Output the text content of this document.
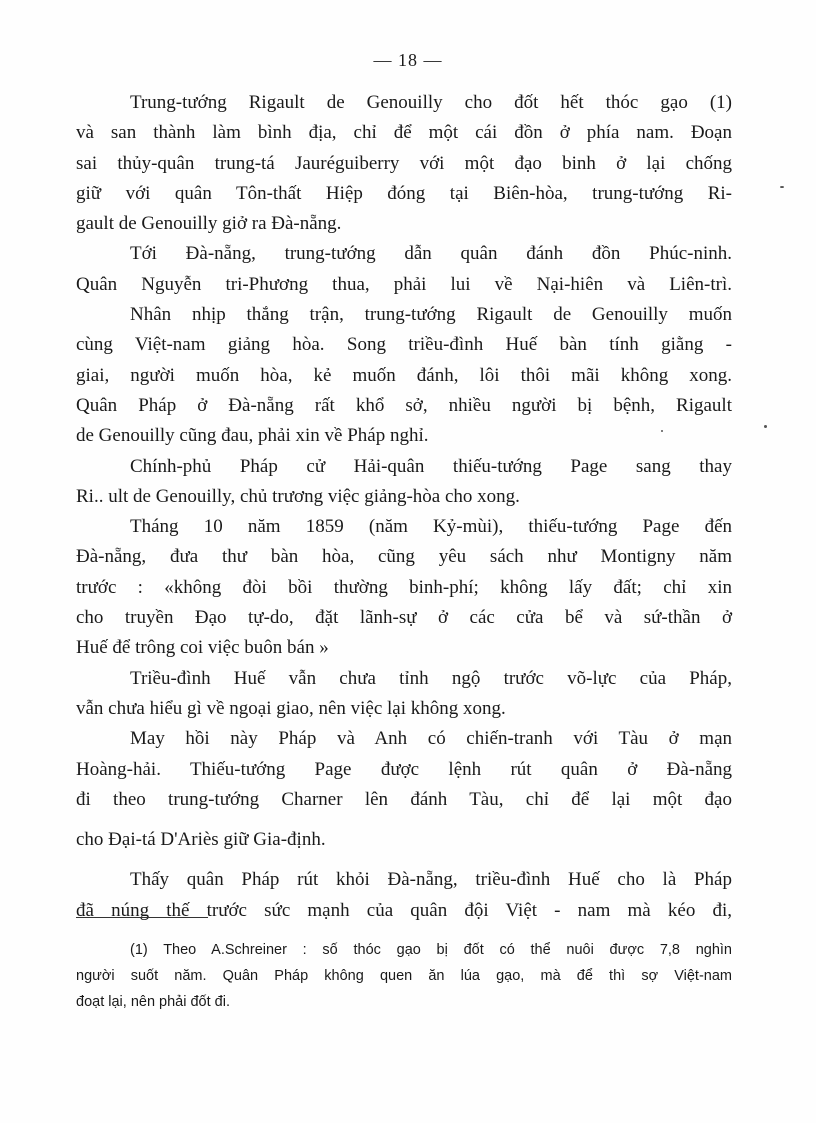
— 18 —
Trung-tướng Rigault de Genouilly cho đốt hết thóc gạo (1)
và san thành làm bình địa, chỉ để một cái đồn ở phía nam. Đoạn
sai thủy-quân trung-tá Jauréguiberry với một đạo binh ở lại chống
giữ với quân Tôn-thất Hiệp đóng tại Biên-hòa, trung-tướng Ri-
gault de Genouilly giở ra Đà-nẵng.
Tới Đà-nẵng, trung-tướng dẫn quân đánh đồn Phúc-ninh.
Quân Nguyễn tri-Phương thua, phải lui về Nại-hiên và Liên-trì.
Nhân nhịp thắng trận, trung-tướng Rigault de Genouilly muốn
cùng Việt-nam giảng hòa. Song triều-đình Huế bàn tính giằng -
giai, người muốn hòa, kẻ muốn đánh, lôi thôi mãi không xong.
Quân Pháp ở Đà-nẵng rất khổ sở, nhiều người bị bệnh, Rigault
de Genouilly cũng đau, phải xin về Pháp nghỉ.
Chính-phủ Pháp cử Hải-quân thiếu-tướng Page sang thay
Ri.. ult de Genouilly, chủ trương việc giảng-hòa cho xong.
Tháng 10 năm 1859 (năm Kỷ-mùi), thiếu-tướng Page đến
Đà-nẵng, đưa thư bàn hòa, cũng yêu sách như Montigny năm
trước : «không đòi bồi thường binh-phí; không lấy đất; chỉ xin
cho truyền Đạo tự-do, đặt lãnh-sự ở các cửa bể và sứ-thần ở
Huế để trông coi việc buôn bán »
Triều-đình Huế vẫn chưa tỉnh ngộ trước võ-lực của Pháp,
vẫn chưa hiểu gì về ngoại giao, nên việc lại không xong.
May hồi này Pháp và Anh có chiến-tranh với Tàu ở mạn
Hoàng-hải. Thiếu-tướng Page được lệnh rút quân ở Đà-nẵng
đi theo trung-tướng Charner lên đánh Tàu, chỉ để lại một đạo
cho Đại-tá D'Ariès giữ Gia-định.
Thấy quân Pháp rút khỏi Đà-nẵng, triều-đình Huế cho là Pháp
đã núng thế trước sức mạnh của quân đội Việt - nam mà kéo đi,
(1) Theo A.Schreiner : số thóc gạo bị đốt có thể nuôi được 7,8 nghìn
người suốt năm. Quân Pháp không quen ăn lúa gạo, mà để thì sợ Việt-nam
đoạt lại, nên phải đốt đi.
